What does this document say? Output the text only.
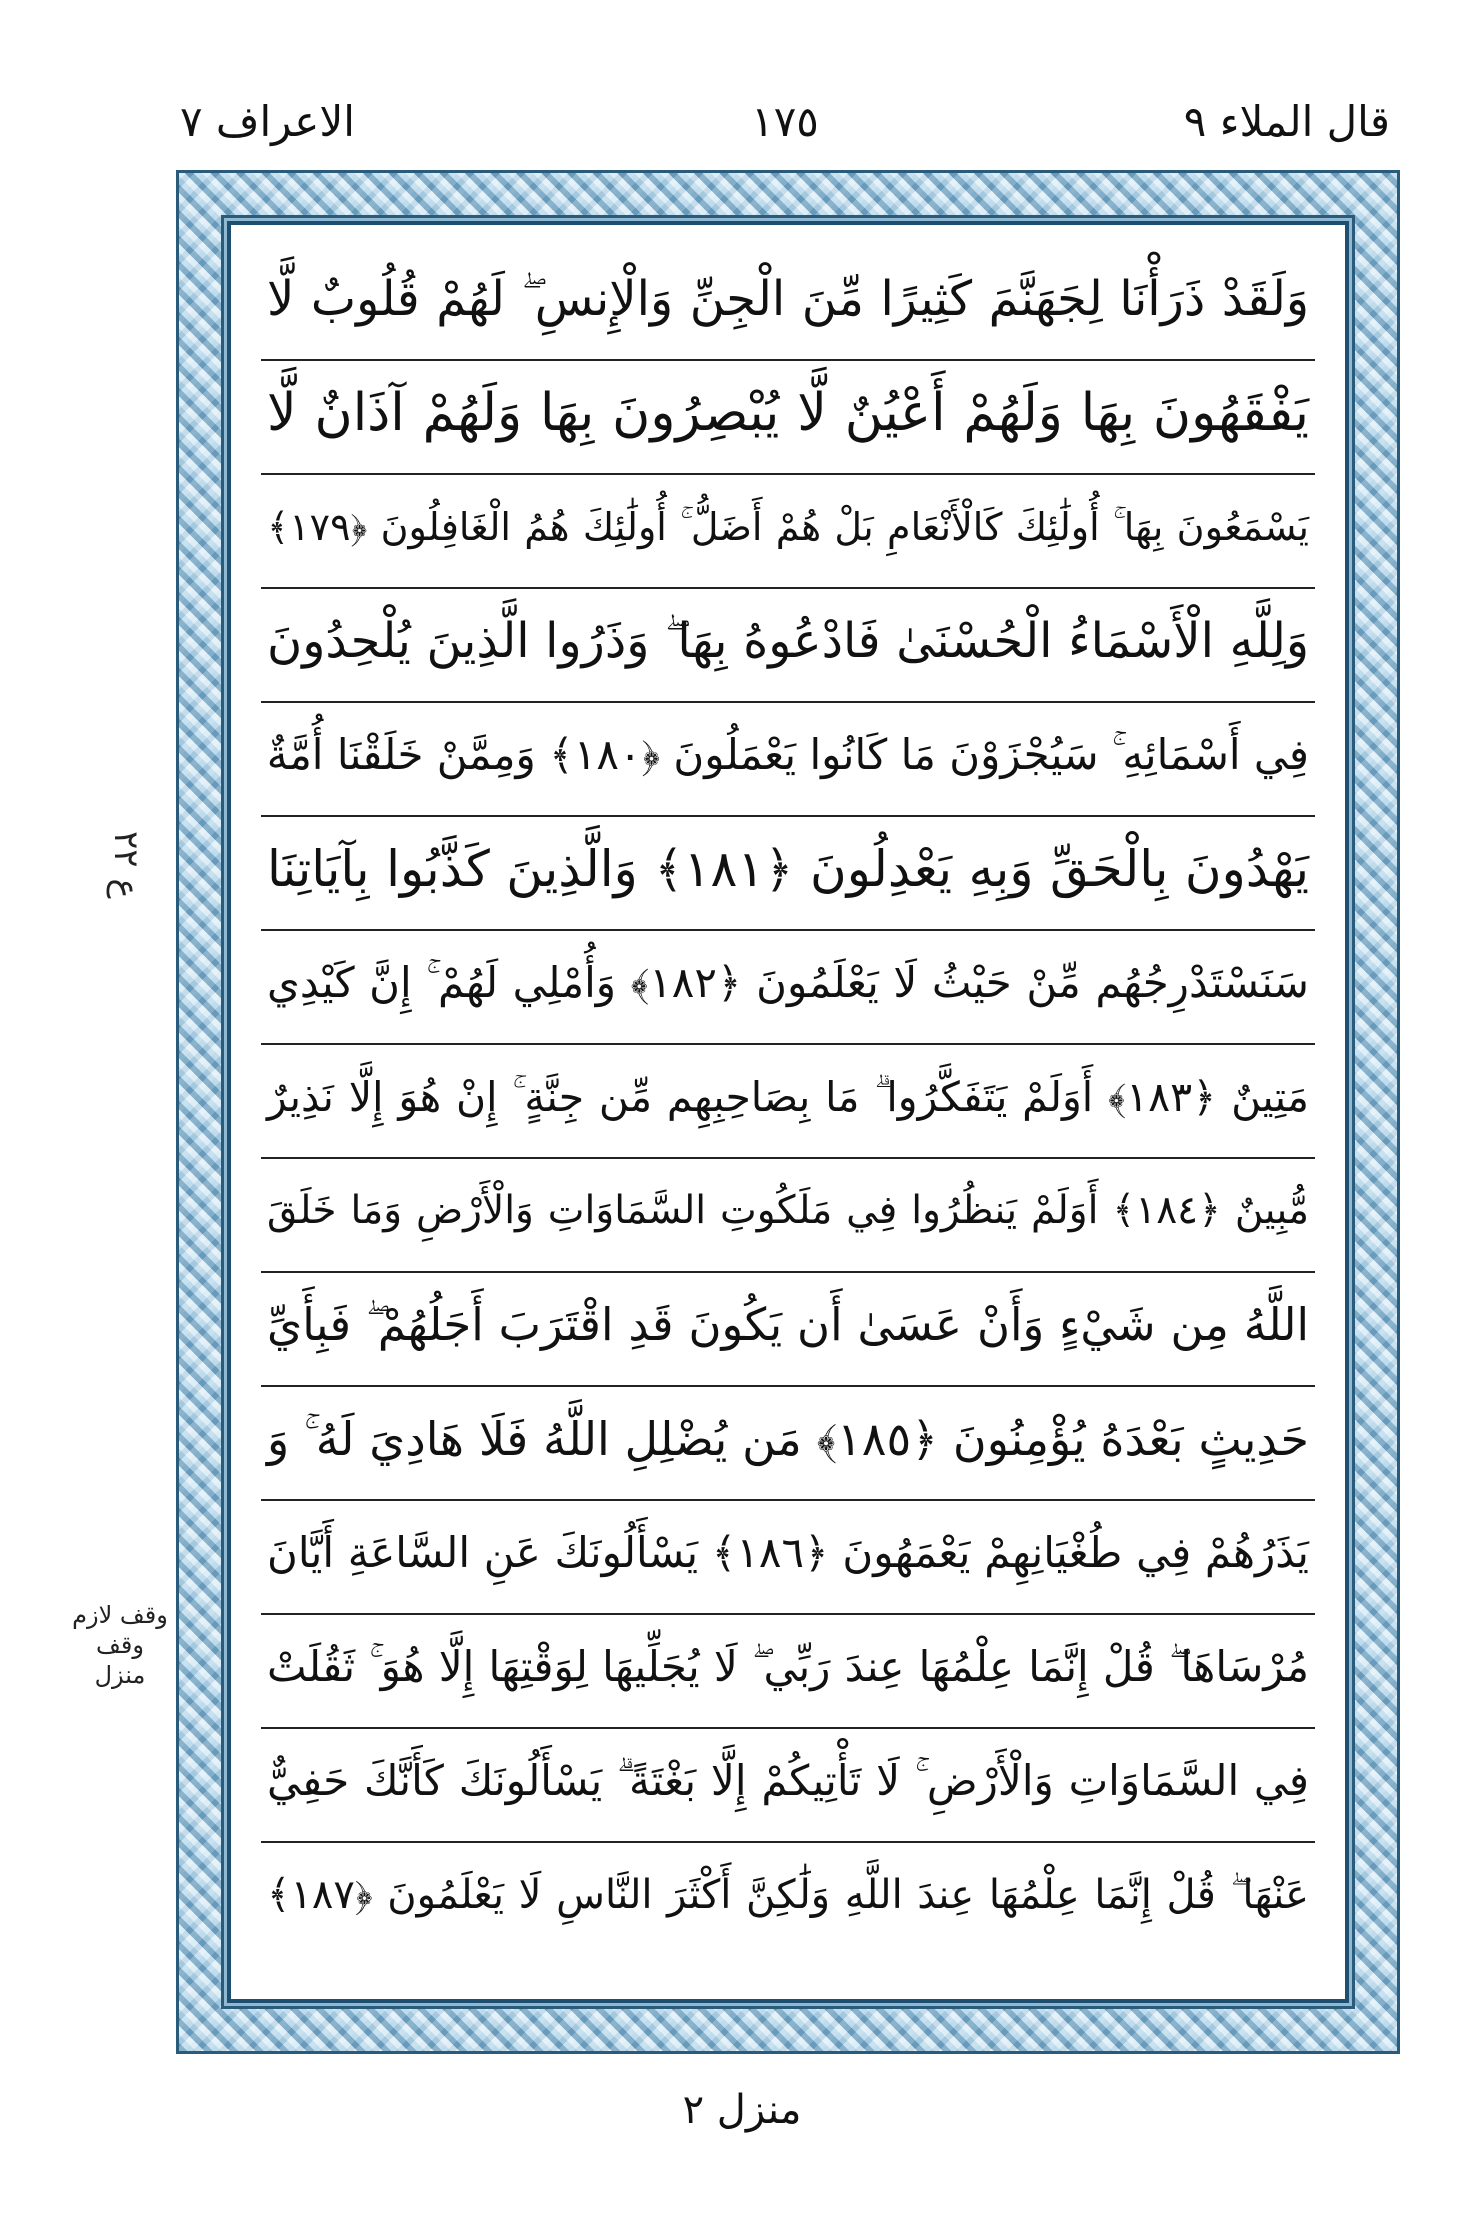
قال الملاء ٩
١٧٥
الاعراف ٧
ع ٢٢
وقف لازم
وقف منزل
وَلَقَدْ ذَرَأْنَا لِجَهَنَّمَ كَثِيرًا مِّنَ الْجِنِّ وَالْإِنسِ ۖ لَهُمْ قُلُوبٌ لَّا
يَفْقَهُونَ بِهَا وَلَهُمْ أَعْيُنٌ لَّا يُبْصِرُونَ بِهَا وَلَهُمْ آذَانٌ لَّا
يَسْمَعُونَ بِهَا ۚ أُولَٰئِكَ كَالْأَنْعَامِ بَلْ هُمْ أَضَلُّ ۚ أُولَٰئِكَ هُمُ الْغَافِلُونَ ﴿١٧٩﴾
وَلِلَّهِ الْأَسْمَاءُ الْحُسْنَىٰ فَادْعُوهُ بِهَا ۖ وَذَرُوا الَّذِينَ يُلْحِدُونَ
فِي أَسْمَائِهِ ۚ سَيُجْزَوْنَ مَا كَانُوا يَعْمَلُونَ ﴿١٨٠﴾ وَمِمَّنْ خَلَقْنَا أُمَّةٌ
يَهْدُونَ بِالْحَقِّ وَبِهِ يَعْدِلُونَ ﴿١٨١﴾ وَالَّذِينَ كَذَّبُوا بِآيَاتِنَا
سَنَسْتَدْرِجُهُم مِّنْ حَيْثُ لَا يَعْلَمُونَ ﴿١٨٢﴾ وَأُمْلِي لَهُمْ ۚ إِنَّ كَيْدِي
مَتِينٌ ﴿١٨٣﴾ أَوَلَمْ يَتَفَكَّرُوا ۗ مَا بِصَاحِبِهِم مِّن جِنَّةٍ ۚ إِنْ هُوَ إِلَّا نَذِيرٌ
مُّبِينٌ ﴿١٨٤﴾ أَوَلَمْ يَنظُرُوا فِي مَلَكُوتِ السَّمَاوَاتِ وَالْأَرْضِ وَمَا خَلَقَ
اللَّهُ مِن شَيْءٍ وَأَنْ عَسَىٰ أَن يَكُونَ قَدِ اقْتَرَبَ أَجَلُهُمْ ۖ فَبِأَيِّ
حَدِيثٍ بَعْدَهُ يُؤْمِنُونَ ﴿١٨٥﴾ مَن يُضْلِلِ اللَّهُ فَلَا هَادِيَ لَهُ ۚ وَ
يَذَرُهُمْ فِي طُغْيَانِهِمْ يَعْمَهُونَ ﴿١٨٦﴾ يَسْأَلُونَكَ عَنِ السَّاعَةِ أَيَّانَ
مُرْسَاهَا ۖ قُلْ إِنَّمَا عِلْمُهَا عِندَ رَبِّي ۖ لَا يُجَلِّيهَا لِوَقْتِهَا إِلَّا هُوَ ۚ ثَقُلَتْ
فِي السَّمَاوَاتِ وَالْأَرْضِ ۚ لَا تَأْتِيكُمْ إِلَّا بَغْتَةً ۗ يَسْأَلُونَكَ كَأَنَّكَ حَفِيٌّ
عَنْهَا ۖ قُلْ إِنَّمَا عِلْمُهَا عِندَ اللَّهِ وَلَٰكِنَّ أَكْثَرَ النَّاسِ لَا يَعْلَمُونَ ﴿١٨٧﴾
منزل ٢
